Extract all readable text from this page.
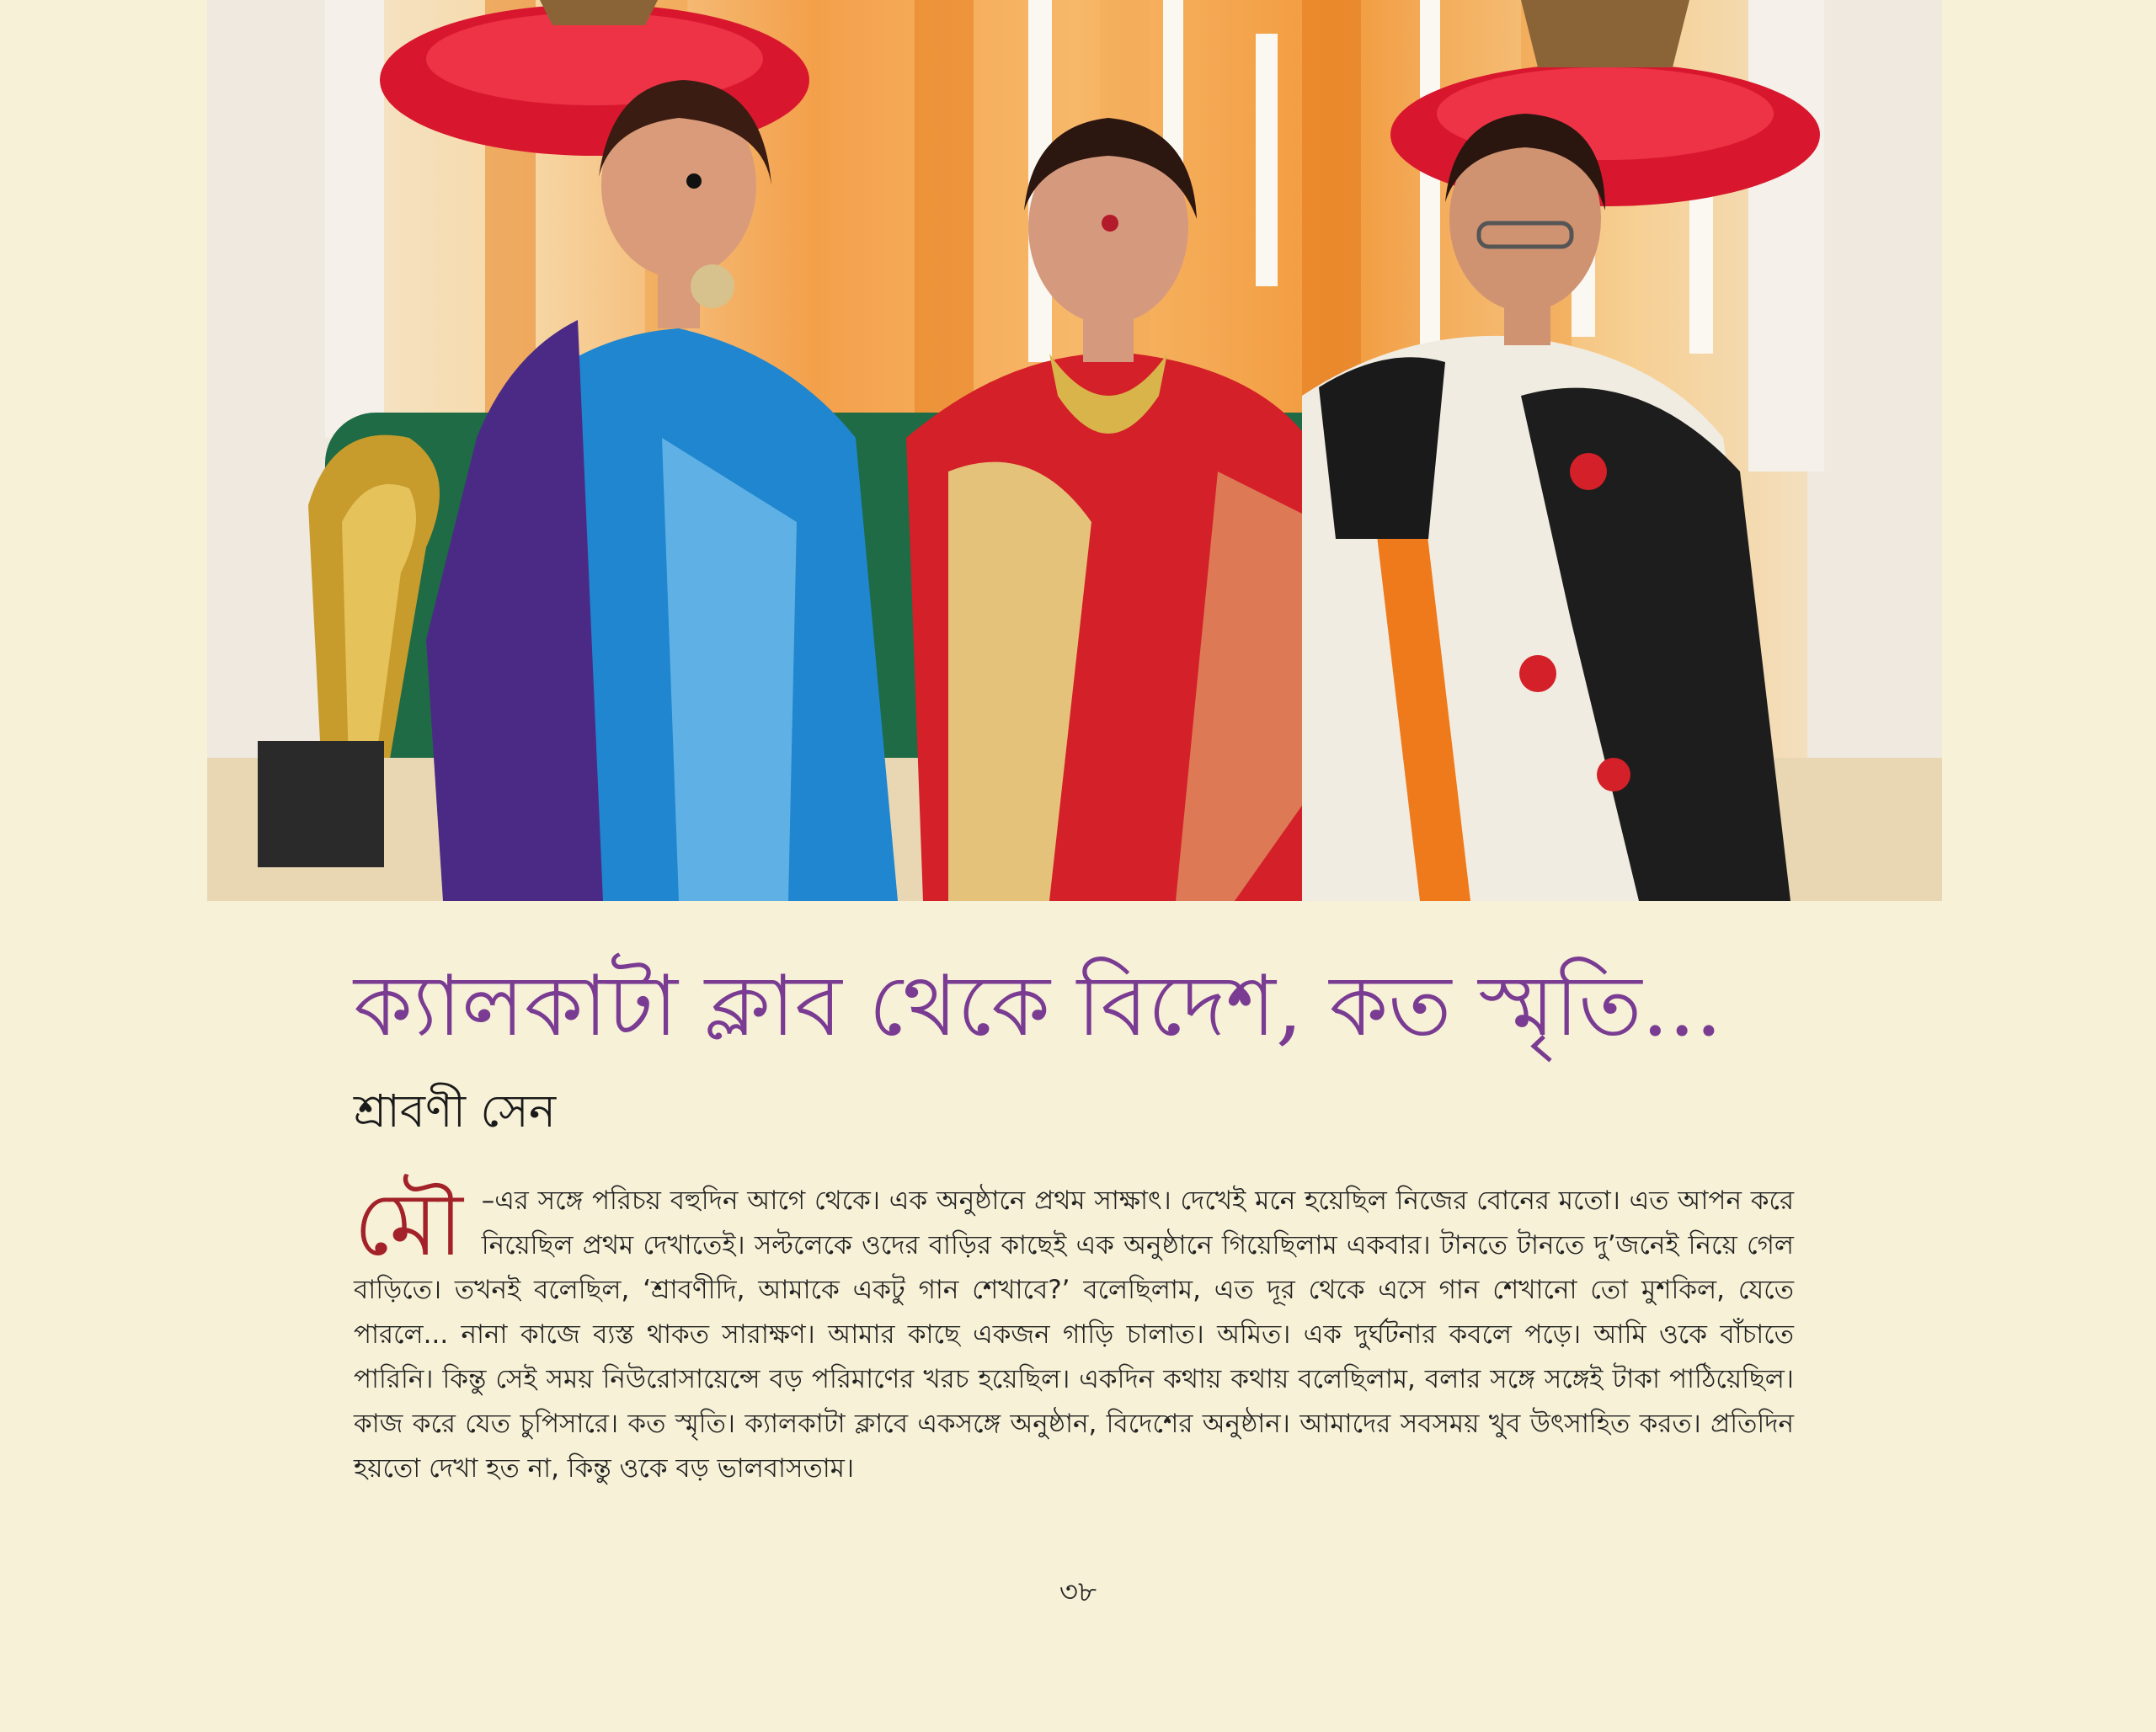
ক্যালকাটা ক্লাব থেকে বিদেশ, কত স্মৃতি...
শ্রাবণী সেন
মৌ –এর সঙ্গে পরিচয় বহুদিন আগে থেকে। এক অনুষ্ঠানে প্রথম সাক্ষাৎ। দেখেই মনে হয়েছিল নিজের বোনের মতো। এত আপন করে নিয়েছিল প্রথম দেখাতেই। সল্টলেকে ওদের বাড়ির কাছেই এক অনুষ্ঠানে গিয়েছিলাম একবার। টানতে টানতে দু’জনেই নিয়ে গেল বাড়িতে। তখনই বলেছিল, ‘শ্রাবণীদি, আমাকে একটু গান শেখাবে?’ বলেছিলাম, এত দূর থেকে এসে গান শেখানো তো মুশকিল, যেতে পারলে... নানা কাজে ব্যস্ত থাকত সারাক্ষণ। আমার কাছে একজন গাড়ি চালাত। অমিত। এক দুর্ঘটনার কবলে পড়ে। আমি ওকে বাঁচাতে পারিনি। কিন্তু সেই সময় নিউরোসায়েন্সে বড় পরিমাণের খরচ হয়েছিল। একদিন কথায় কথায় বলেছিলাম, বলার সঙ্গে সঙ্গেই টাকা পাঠিয়েছিল। কাজ করে যেত চুপিসারে। কত স্মৃতি। ক্যালকাটা ক্লাবে একসঙ্গে অনুষ্ঠান, বিদেশের অনুষ্ঠান। আমাদের সবসময় খুব উৎসাহিত করত। প্রতিদিন হয়তো দেখা হত না, কিন্তু ওকে বড় ভালবাসতাম।
৩৮
